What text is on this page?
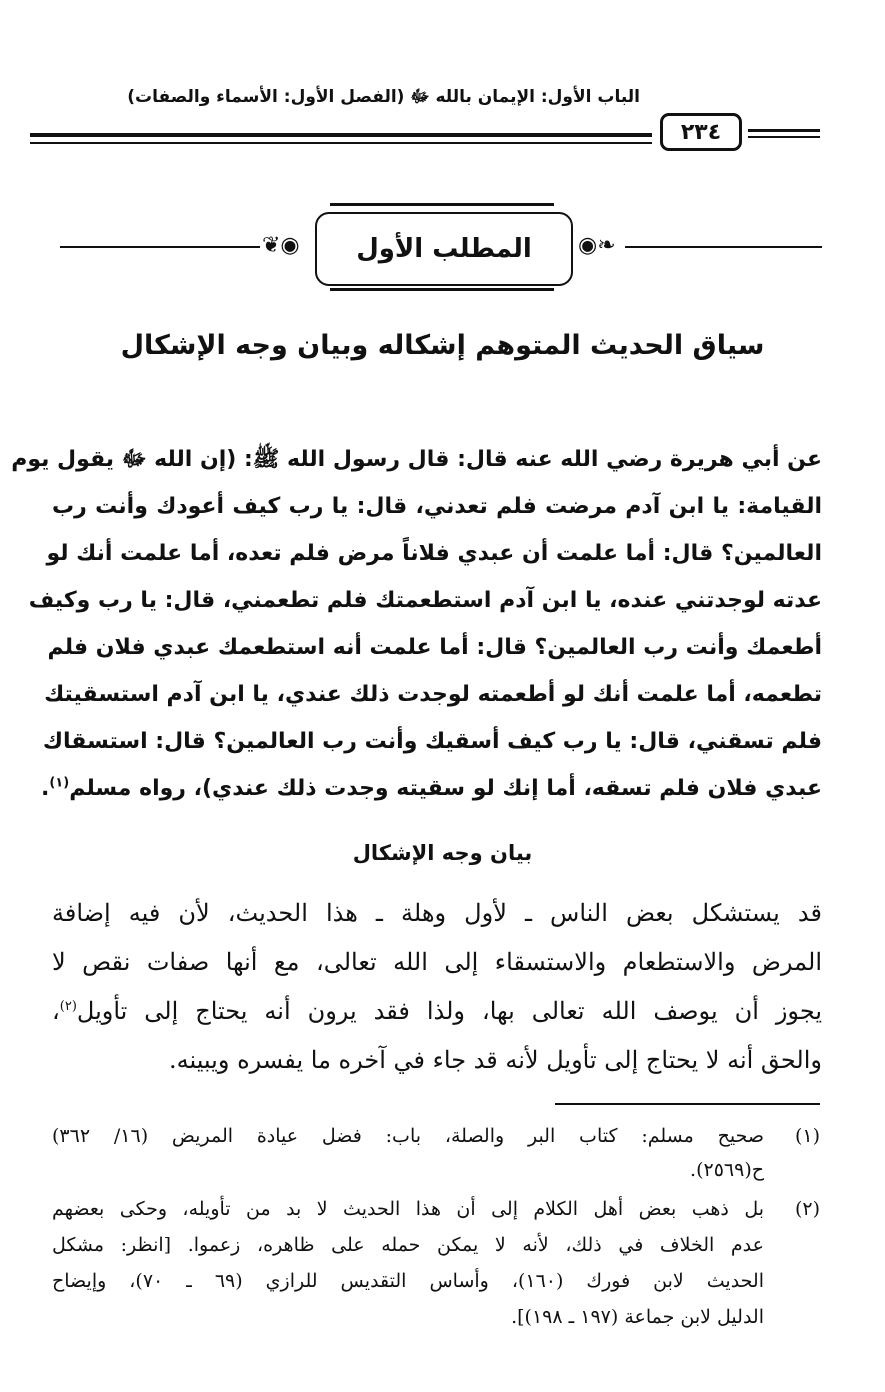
الباب الأول: الإيمان بالله ﷻ (الفصل الأول: الأسماء والصفات)
٢٣٤
❦◉	◉❧
المطلب الأول
سياق الحديث المتوهم إشكاله وبيان وجه الإشكال
عن أبي هريرة رضي الله عنه قال: قال رسول الله ﷺ: (إن الله ﷻ يقول يوم
القيامة: يا ابن آدم مرضت فلم تعدني، قال: يا رب كيف أعودك وأنت رب
العالمين؟ قال: أما علمت أن عبدي فلاناً مرض فلم تعده، أما علمت أنك لو
عدته لوجدتني عنده، يا ابن آدم استطعمتك فلم تطعمني، قال: يا رب وكيف
أطعمك وأنت رب العالمين؟ قال: أما علمت أنه استطعمك عبدي فلان فلم
تطعمه، أما علمت أنك لو أطعمته لوجدت ذلك عندي، يا ابن آدم استسقيتك
فلم تسقني، قال: يا رب كيف أسقيك وأنت رب العالمين؟ قال: استسقاك
عبدي فلان فلم تسقه، أما إنك لو سقيته وجدت ذلك عندي)، رواه مسلم$^{(١)}$.
بيان وجه الإشكال
قد يستشكل بعض الناس ـ لأول وهلة ـ هذا الحديث، لأن فيه إضافة
المرض والاستطعام والاستسقاء إلى الله تعالى، مع أنها صفات نقص لا
يجوز أن يوصف الله تعالى بها، ولذا فقد يرون أنه يحتاج إلى تأويل$^{(٢)}$،
والحق أنه لا يحتاج إلى تأويل لأنه قد جاء في آخره ما يفسره ويبينه.
(١)
صحيح مسلم: كتاب البر والصلة، باب: فضل عيادة المريض (١٦/ ٣٦٢)
ح(٢٥٦٩).
(٢)
بل ذهب بعض أهل الكلام إلى أن هذا الحديث لا بد من تأويله، وحكى بعضهم
عدم الخلاف في ذلك، لأنه لا يمكن حمله على ظاهره، زعموا. [انظر: مشكل
الحديث لابن فورك (١٦٠)، وأساس التقديس للرازي (٦٩ ـ ٧٠)، وإيضاح
الدليل لابن جماعة (١٩٧ ـ ١٩٨)].
